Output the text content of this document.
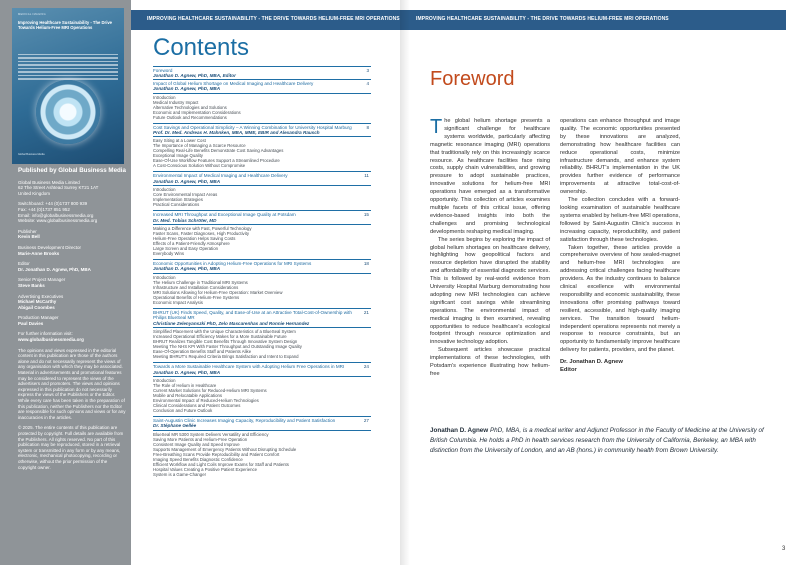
MEDICAL IMAGING
Improving Healthcare Sustainability - The Drive Towards Helium-Free MRI Operations
Global Business Media
Published by Global Business Media

Global Business Media Limited

62 The Street Ashtead Surrey KT21 1AT

United Kingdom

Switchboard: +44 (0)1737 800 939

Fax: +44 (0)1737 851 952

Email: info@globalbusinessmedia.org

Website: www.globalbusinessmedia.org

Publisher

Kevin Bell

Business Development Director

Marie-Anne Brooks

Editor

Dr. Jonathan D. Agnew, PhD, MBA

Senior Project Manager

Steve Banks

Advertising Executives

Michael McCarthy
Abigail Coombes

Production Manager

Paul Davies

For further information visit:

www.globalbusinessmedia.org

The opinions and views expressed in the editorial content in this publication are those of the authors alone and do not necessarily represent the views of any organisation with which they may be associated. Material in advertisements and promotional features may be considered to represent the views of the advertisers and promoters. The views and opinions expressed in this publication do not necessarily express the views of the Publishers or the Editor. While every care has been taken in the preparation of this publication, neither the Publishers nor the Editor are responsible for such opinions and views or for any inaccuracies in the articles.

© 2025. The entire contents of this publication are protected by copyright. Full details are available from the Publishers. All rights reserved. No part of this publication may be reproduced, stored in a retrieval system or transmitted in any form or by any means, electronic, mechanical photocopying, recording or otherwise, without the prior permission of the copyright owner.

IMPROVING HEALTHCARE SUSTAINABILITY - THE DRIVE TOWARDS HELIUM-FREE MRI OPERATIONS
Contents
Foreword
Jonathan D. Agnew, PhD, MBA, Editor
3
Impact of Global Helium Shortage on Medical Imaging and Healthcare Delivery
Jonathan D. Agnew, PhD, MBA
4
Introduction
Medical Industry Impact
Alternative Technologies and Solutions
Economic and Implementation Considerations
Future Outlook and Recommendations
Cost Savings and Operational Simplicity – A Winning Combination for University Hospital Marburg
Prof. Dr. Med. Andreas H. Mahnken, MBA, MME, EBIR and Alexandra Rausch
8
Easy Siting at a Lower Cost
The Importance of Managing a Scarce Resource
Compelling Real-Life Benefits Demonstrate Cost Saving Advantages
Exceptional Image Quality
Ease-Of-Use Workflow Features Support a Streamlined Procedure
A Cost-Conscious Solution Without Compromise
Environmental Impact of Medical Imaging and Healthcare Delivery
Jonathan D. Agnew, PhD, MBA
11
Introduction
Core Environmental Impact Areas
Implementation Strategies
Practical Considerations
Increased MRI Throughput and Exceptional Image Quality at Potsdam
Dr. Med. Tobias Schröter, MD
15
Making a Difference with Fast, Powerful Technology
Faster Scans, Faster Diagnoses, High Productivity
Helium-Free Operation Helps Saving Costs
Effects of a Patient-Friendly Atmosphere
Large Screen and Easy Operation
Everybody Wins
Economic Opportunities in Adopting Helium-Free Operations for MRI Systems
Jonathan D. Agnew, PhD, MBA
18
Introduction
The Helium Challenge in Traditional MRI Systems
Infrastructure and Installation Considerations
MRI Solutions Allowing for Helium-Free Operation: Market Overview
Operational Benefits of Helium-Free Systems
Economic Impact Analysis
BHRUT (UK) Finds Speed, Quality, and Ease-of-Use at an Attractive Total-Cost-of-Ownership with Philips BlueSeal MR
Christiane Zelenyanszki PhD, Zelo Mascarenhas and Ronnie Hernandez
21
Simplified Placement with the Unique Characteristics of a BlueSeal System
Increased Operational Efficiency Makes for a More Sustainable Future
BHRUT Realizes Tangible Cost Benefits Through Innovative System Design
Meeting The NHS KPI With Faster Throughput and Outstanding Image Quality
Ease-Of-Operation Benefits Staff and Patients Alike
Meeting BHRUT's Required Criteria Brings Satisfaction and Intent to Expand
Towards a More Sustainable Healthcare System with Adopting Helium Free Operations in MRI
Jonathan D. Agnew, PhD, MBA
24
Introduction
The Role of Helium in Healthcare
Current Market Solutions for Reduced-Helium MRI Systems
Mobile and Relocatable Applications
Environmental Impact of Reduced-Helium Technologies
Clinical Considerations and Patient Outcomes
Conclusion and Future Outlook
Saint-Augustin Clinic Increases Imaging Capacity, Reproducibility and Patient Satisfaction
Dr. Stéphane Gellée
27
BlueSeal MR 5300 System Delivers Versatility and Efficiency
Saving More Patients and Helium-Free Operation
Consistent Image Quality and Speed Improve
Supports Management of Emergency Patients Without Disrupting Schedule
Free-Breathing Scans Provide Reproducibility and Patient Comfort
Imaging Speed Benefits Diagnostic Confidence
Efficient Workflow and Light Coils Improve Exams for Staff and Patients
Hospital Values Creating a Positive Patient Experience
System is a Game-Changer
IMPROVING HEALTHCARE SUSTAINABILITY - THE DRIVE TOWARDS HELIUM-FREE MRI OPERATIONS
Foreword

The global helium shortage presents a significant challenge for healthcare systems worldwide, particularly affecting magnetic resonance imaging (MRI) operations that traditionally rely on this increasingly scarce resource. As healthcare facilities face rising costs, supply chain vulnerabilities, and growing pressure to adopt sustainable practices, innovative solutions for helium-free MRI operations have emerged as a transformative opportunity. This collection of articles examines multiple facets of this critical issue, offering evidence-based insights into both the challenges and promising technological developments reshaping medical imaging.

The series begins by exploring the impact of global helium shortages on healthcare delivery, highlighting how geopolitical factors and resource depletion have disrupted the stability and affordability of essential diagnostic services. This is followed by real-world evidence from University Hospital Marburg demonstrating how adopting new MRI technologies can achieve significant cost savings while streamlining operations. The environmental impact of medical imaging is then examined, revealing opportunities to reduce healthcare's ecological footprint through resource optimization and innovative technology adoption.

Subsequent articles showcase practical implementations of these technologies, with Potsdam's experience illustrating how helium-free

operations can enhance throughput and image quality. The economic opportunities presented by these innovations are analyzed, demonstrating how healthcare facilities can reduce operational costs, minimize infrastructure demands, and enhance system reliability. BHRUT's implementation in the UK provides further evidence of performance improvements at attractive total-cost-of-ownership.

The collection concludes with a forward-looking examination of sustainable healthcare systems enabled by helium-free MRI operations, followed by Saint-Augustin Clinic's success in increasing capacity, reproducibility, and patient satisfaction through these technologies.

Taken together, these articles provide a comprehensive overview of how sealed-magnet and helium-free MRI technologies are addressing critical challenges facing healthcare providers. As the industry continues to balance clinical excellence with environmental responsibility and economic sustainability, these innovations offer promising pathways toward resilient, accessible, and high-quality imaging services. The transition toward helium-independent operations represents not merely a response to resource constraints, but an opportunity to fundamentally improve healthcare delivery for patients, providers, and the planet.

Dr. Jonathan D. Agnew
Editor
Jonathan D. Agnew PhD, MBA, is a medical writer and Adjunct Professor in the Faculty of Medicine at the University of British Columbia. He holds a PhD in health services research from the University of California, Berkeley, an MBA with distinction from the University of London, and an AB (hons.) in community health from Brown University.
3
